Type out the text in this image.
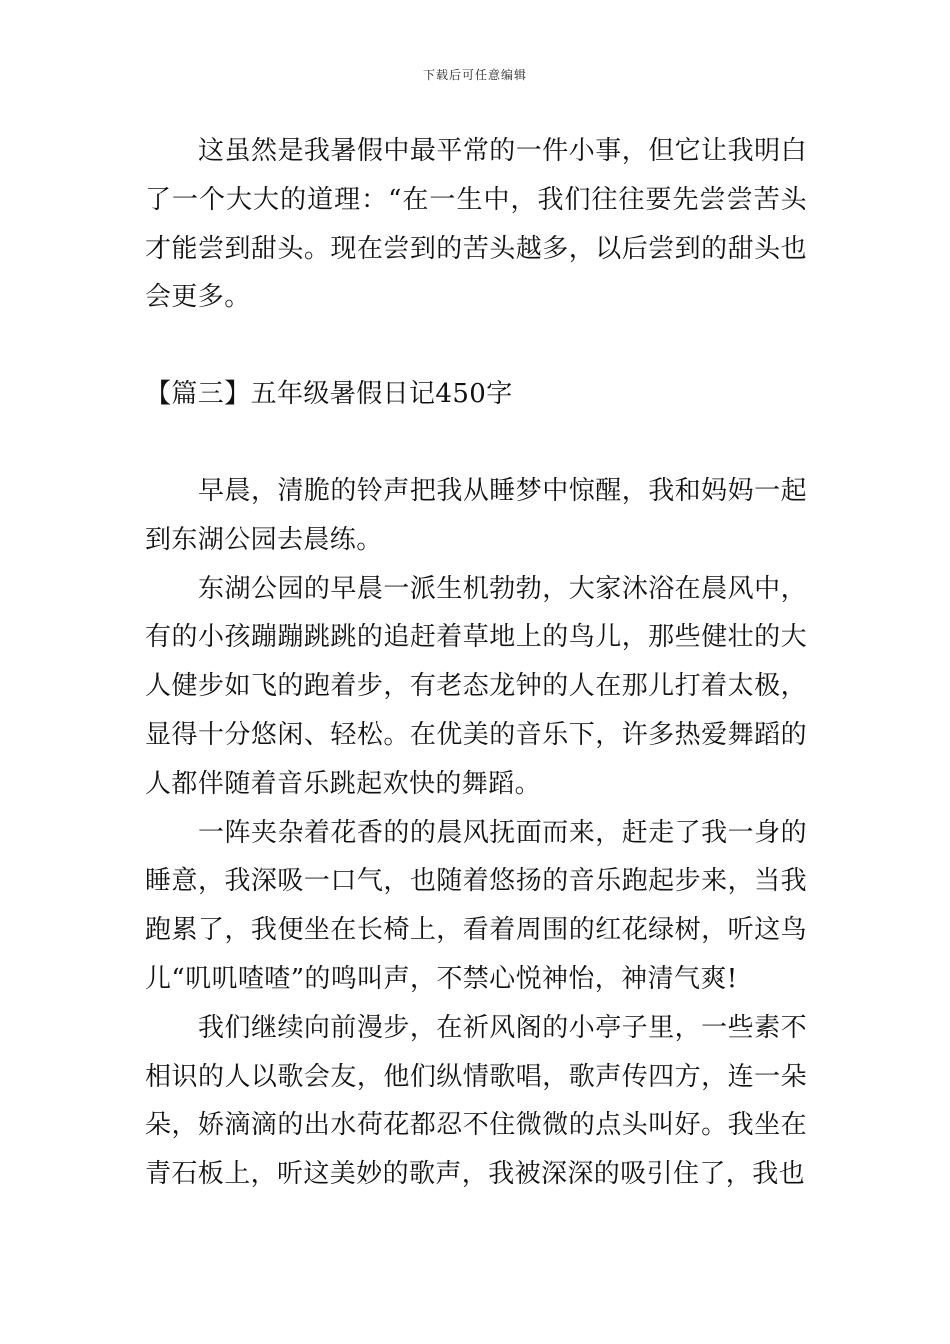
下载后可任意编辑

这虽然是我暑假中最平常的一件小事，但它让我明白了一个大大的道理：“在一生中，我们往往要先尝尝苦头才能尝到甜头。现在尝到的苦头越多，以后尝到的甜头也会更多。

【篇三】五年级暑假日记450字

早晨，清脆的铃声把我从睡梦中惊醒，我和妈妈一起到东湖公园去晨练。

东湖公园的早晨一派生机勃勃，大家沐浴在晨风中，有的小孩蹦蹦跳跳的追赶着草地上的鸟儿，那些健壮的大人健步如飞的跑着步，有老态龙钟的人在那儿打着太极，显得十分悠闲、轻松。在优美的音乐下，许多热爱舞蹈的人都伴随着音乐跳起欢快的舞蹈。

一阵夹杂着花香的的晨风抚面而来，赶走了我一身的睡意，我深吸一口气，也随着悠扬的音乐跑起步来，当我跑累了，我便坐在长椅上，看着周围的红花绿树，听这鸟儿“叽叽喳喳”的鸣叫声，不禁心悦神怡，神清气爽!

我们继续向前漫步，在祈风阁的小亭子里，一些素不相识的人以歌会友，他们纵情歌唱，歌声传四方，连一朵朵，娇滴滴的出水荷花都忍不住微微的点头叫好。我坐在青石板上，听这美妙的歌声，我被深深的吸引住了，我也
